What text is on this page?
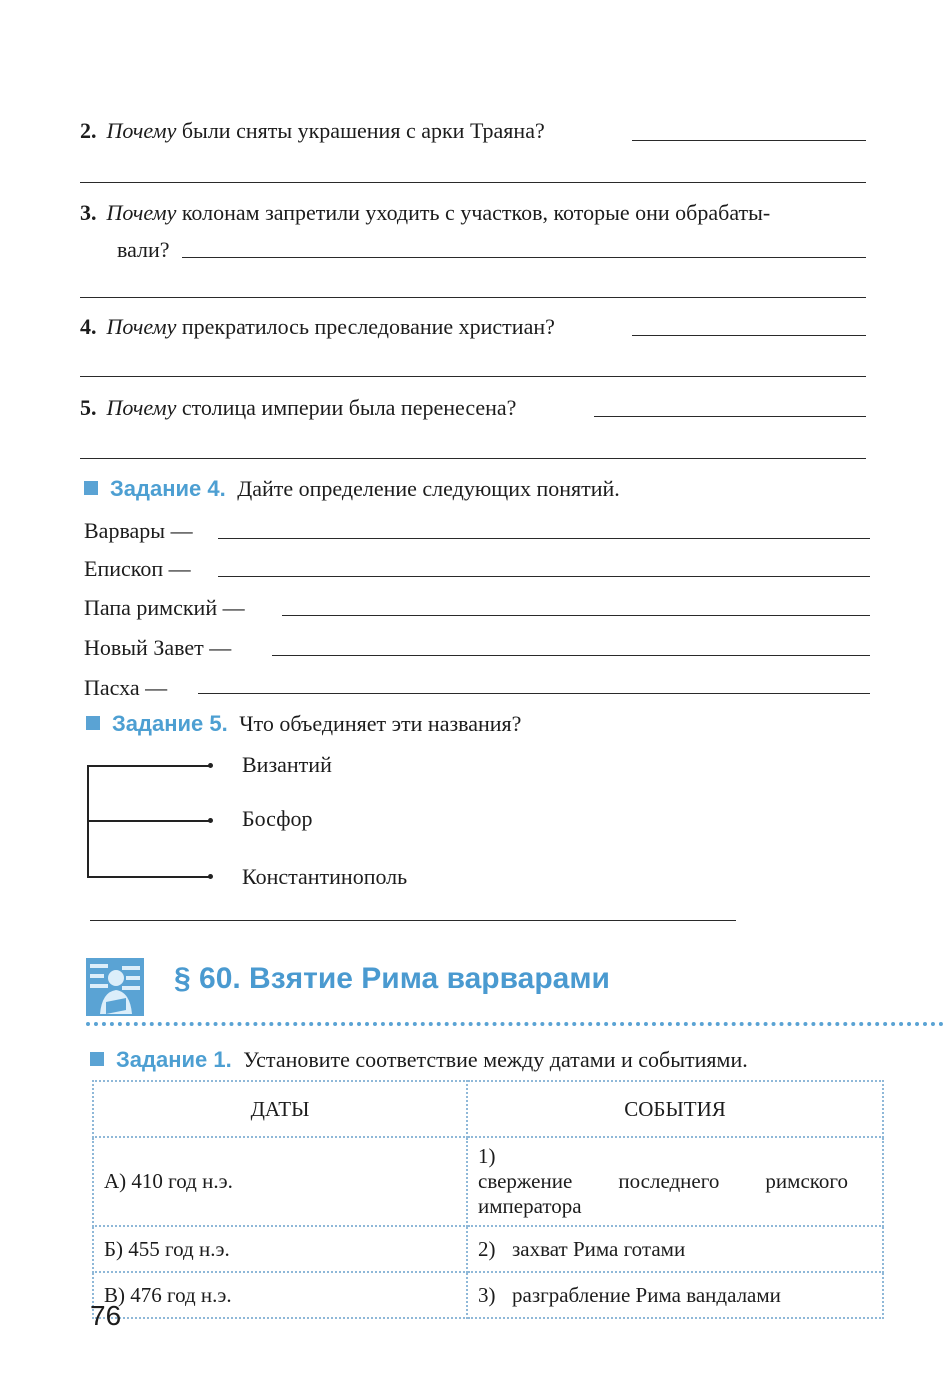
2. Почему были сняты украшения с арки Траяна?
3. Почему колонам запретили уходить с участков, которые они обрабаты-
вали?
4. Почему прекратилось преследование христиан?
5. Почему столица империи была перенесена?
Задание 4. Дайте определение следующих понятий.
Варвары —
Епископ —
Папа римский —
Новый Завет —
Пасха —
Задание 5. Что объединяет эти названия?
Византий
Босфор
Константинополь
§ 60. Взятие Рима варварами
Задание 1. Установите соответствие между датами и событиями.
ДАТЫ	СОБЫТИЯ
А) 410 год н.э.	1)свержение последнего римского императора
Б) 455 год н.э.	2) захват Рима готами
В) 476 год н.э.	3) разграбление Рима вандалами
76
